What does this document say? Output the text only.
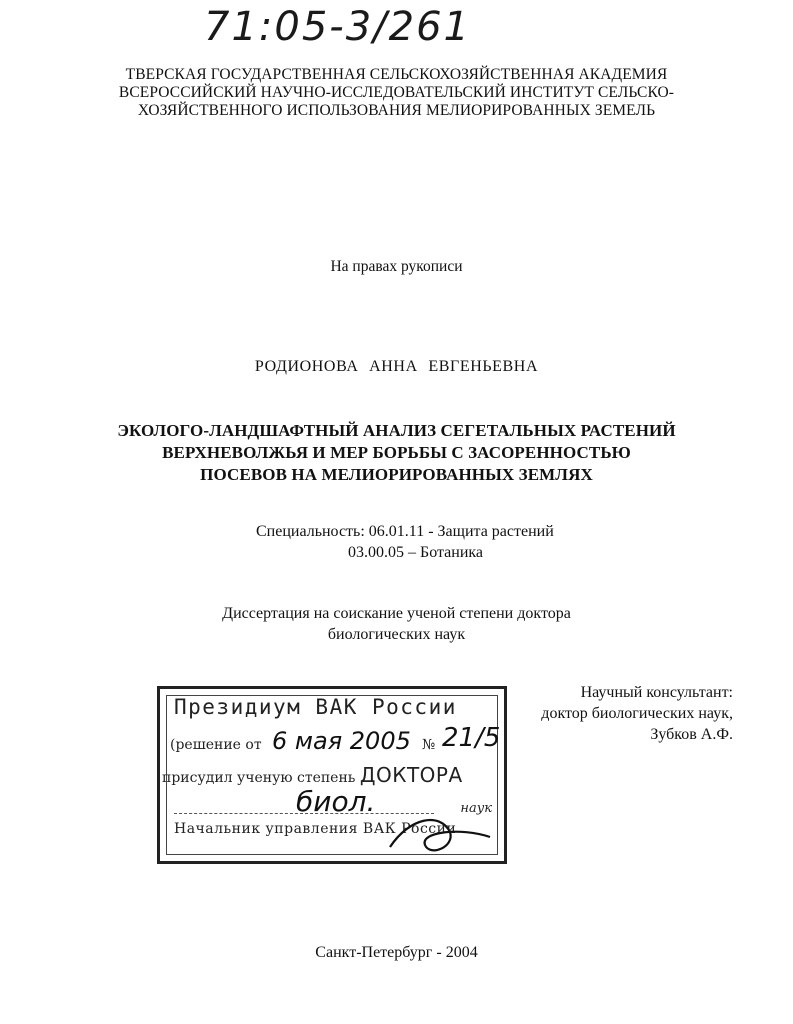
71:05-3/261
ТВЕРСКАЯ ГОСУДАРСТВЕННАЯ СЕЛЬСКОХОЗЯЙСТВЕННАЯ АКАДЕМИЯ
ВСЕРОССИЙСКИЙ НАУЧНО-ИССЛЕДОВАТЕЛЬСКИЙ ИНСТИТУТ СЕЛЬСКО-
ХОЗЯЙСТВЕННОГО ИСПОЛЬЗОВАНИЯ МЕЛИОРИРОВАННЫХ ЗЕМЕЛЬ
На правах рукописи
РОДИОНОВА АННА ЕВГЕНЬЕВНА
ЭКОЛОГО-ЛАНДШАФТНЫЙ АНАЛИЗ СЕГЕТАЛЬНЫХ РАСТЕНИЙ
ВЕРХНЕВОЛЖЬЯ И МЕР БОРЬБЫ С ЗАСОРЕННОСТЬЮ
ПОСЕВОВ НА МЕЛИОРИРОВАННЫХ ЗЕМЛЯХ
Специальность: 06.01.11 - Защита растений
03.00.05 – Ботаника
Диссертация на соискание ученой степени доктора
биологических наук
Научный консультант:
доктор биологических наук,
Зубков А.Ф.
Президиум ВАК России
(решение от 6 мая 2005 № 21/5
присудил ученую степень ДОКТОРА
биол.	наук
Начальник управления ВАК России
Санкт-Петербург - 2004
